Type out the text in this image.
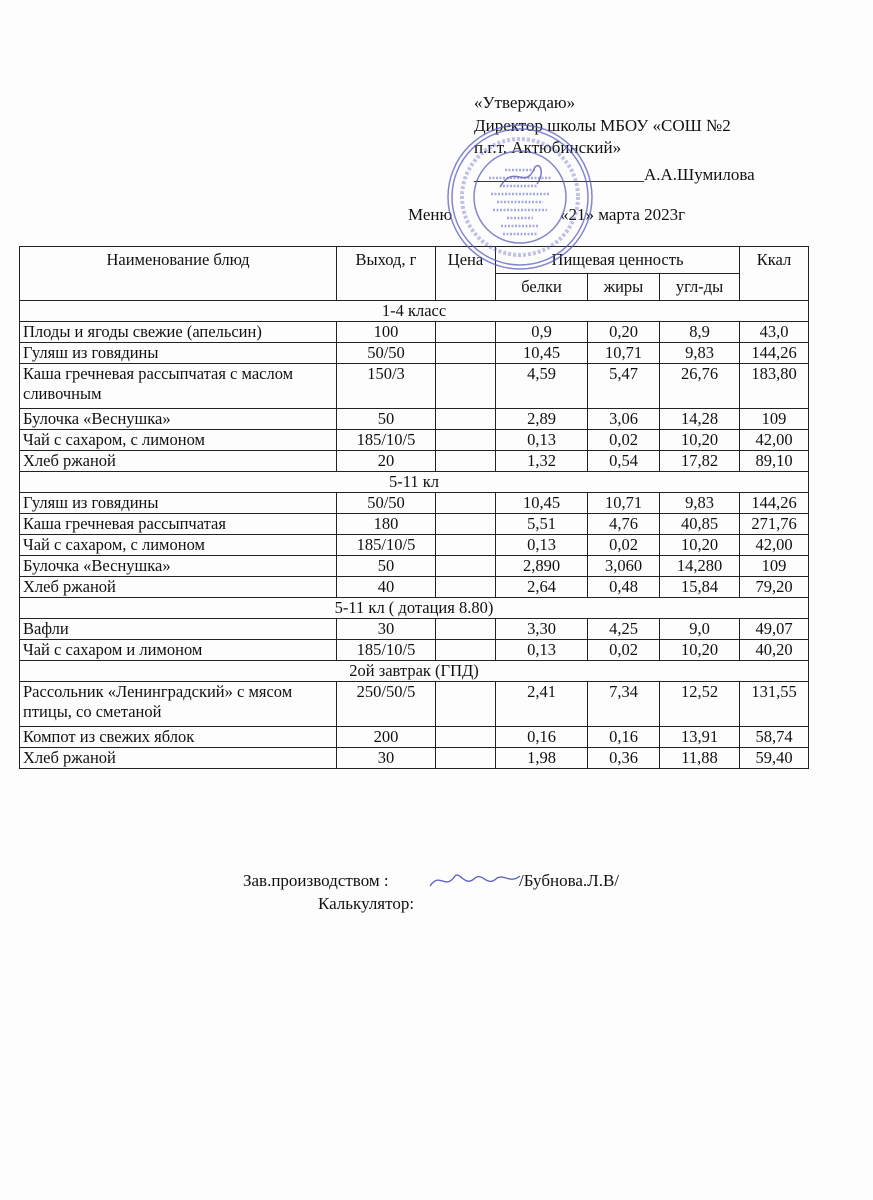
«Утверждаю»
Директор школы МБОУ «СОШ №2
п.г.т. Актюбинский»
____________________А.А.Шумилова
Меню	«21» марта 2023г
Наименование блюд	Выход, г	Цена	Пищевая ценность			Ккал
			белки	жиры	угл-ды	
1-4 класс						
Плоды и ягоды свежие (апельсин)	100		0,9	0,20	8,9	43,0
Гуляш из говядины	50/50		10,45	10,71	9,83	144,26
Каша гречневая рассыпчатая с маслом сливочным	150/3		4,59	5,47	26,76	183,80
Булочка «Веснушка»	50		2,89	3,06	14,28	109
Чай с сахаром, с лимоном	185/10/5		0,13	0,02	10,20	42,00
Хлеб ржаной	20		1,32	0,54	17,82	89,10
5-11 кл						
Гуляш из говядины	50/50		10,45	10,71	9,83	144,26
Каша гречневая рассыпчатая	180		5,51	4,76	40,85	271,76
Чай с сахаром, с лимоном	185/10/5		0,13	0,02	10,20	42,00
Булочка «Веснушка»	50		2,890	3,060	14,280	109
Хлеб ржаной	40		2,64	0,48	15,84	79,20
5-11 кл ( дотация 8.80)						
Вафли	30		3,30	4,25	9,0	49,07
Чай с сахаром и лимоном	185/10/5		0,13	0,02	10,20	40,20
2ой завтрак (ГПД)						
Рассольник «Ленинградский» с мясом птицы, со сметаной	250/50/5		2,41	7,34	12,52	131,55
Компот из свежих яблок	200		0,16	0,16	13,91	58,74
Хлеб ржаной	30		1,98	0,36	11,88	59,40
Зав.производством :	/Бубнова.Л.В/
Калькулятор:
